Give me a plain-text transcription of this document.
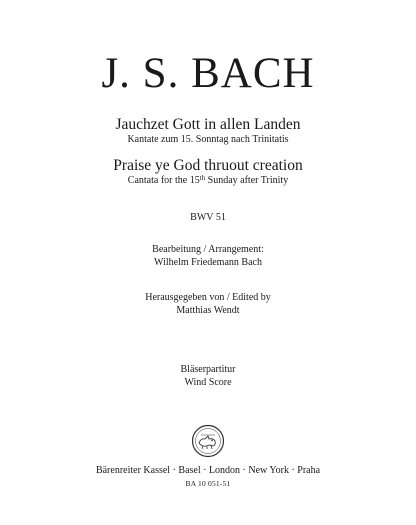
J. S. BACH
Jauchzet Gott in allen Landen
Kantate zum 15. Sonntag nach Trinitatis
Praise ye God thruout creation
Cantata for the 15th Sunday after Trinity
BWV 51
Bearbeitung / Arrangement:
Wilhelm Friedemann Bach
Herausgegeben von / Edited by
Matthias Wendt
Bläserpartitur
Wind Score
Bärenreiter Kassel · Basel · London · New York · Praha
BA 10 051-51
